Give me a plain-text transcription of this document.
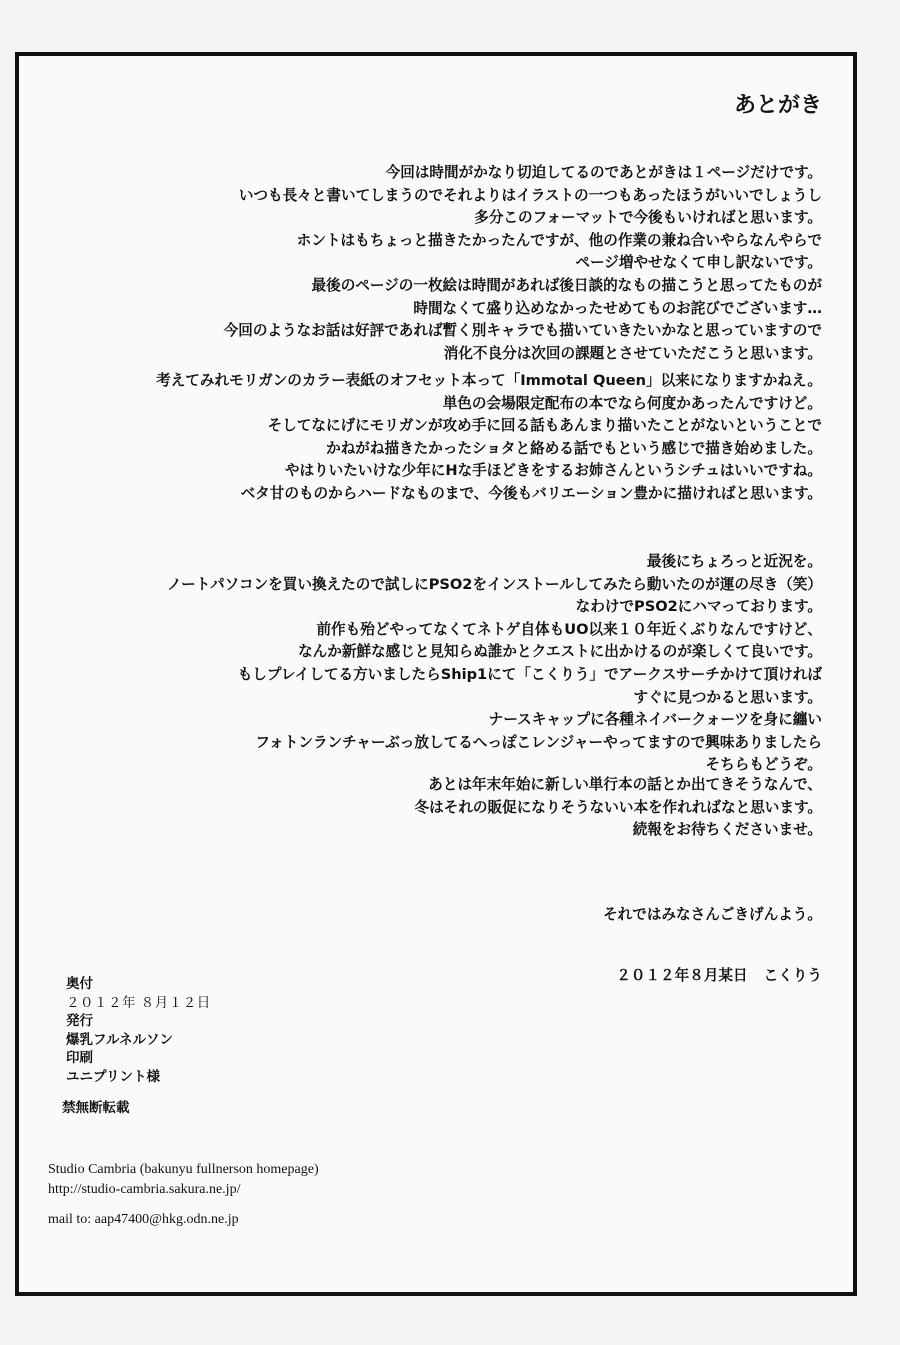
あとがき
今回は時間がかなり切迫してるのであとがきは１ページだけです。
いつも長々と書いてしまうのでそれよりはイラストの一つもあったほうがいいでしょうし
多分このフォーマットで今後もいければと思います。
ホントはもちょっと描きたかったんですが、他の作業の兼ね合いやらなんやらで
ページ増やせなくて申し訳ないです。
最後のページの一枚絵は時間があれば後日談的なもの描こうと思ってたものが
時間なくて盛り込めなかったせめてものお詫びでございます…
今回のようなお話は好評であれば暫く別キャラでも描いていきたいかなと思っていますので
消化不良分は次回の課題とさせていただこうと思います。
考えてみれモリガンのカラー表紙のオフセット本って「Immotal Queen」以来になりますかねえ。
単色の会場限定配布の本でなら何度かあったんですけど。
そしてなにげにモリガンが攻め手に回る話もあんまり描いたことがないということで
かねがね描きたかったショタと絡める話でもという感じで描き始めました。
やはりいたいけな少年にHな手ほどきをするお姉さんというシチュはいいですね。
ベタ甘のものからハードなものまで、今後もバリエーション豊かに描ければと思います。
最後にちょろっと近況を。
ノートパソコンを買い換えたので試しにPSO2をインストールしてみたら動いたのが運の尽き（笑）
なわけでPSO2にハマっております。
前作も殆どやってなくてネトゲ自体もUO以来１０年近くぶりなんですけど、
なんか新鮮な感じと見知らぬ誰かとクエストに出かけるのが楽しくて良いです。
もしプレイしてる方いましたらShip1にて「こくりう」でアークスサーチかけて頂ければ
すぐに見つかると思います。
ナースキャップに各種ネイバークォーツを身に纏い
フォトンランチャーぶっ放してるへっぽこレンジャーやってますので興味ありましたら
そちらもどうぞ。
あとは年末年始に新しい単行本の話とか出てきそうなんで、
冬はそれの販促になりそうないい本を作れればなと思います。
続報をお待ちくださいませ。

それではみなさんごきげんよう。

２０１２年８月某日 こくりう

奥付
２０１２年 ８月１２日
発行
爆乳フルネルソン
印刷
ユニプリント様

禁無断転載

Studio Cambria (bakunyu fullnerson homepage)
http://studio-cambria.sakura.ne.jp/

mail to: aap47400@hkg.odn.ne.jp
